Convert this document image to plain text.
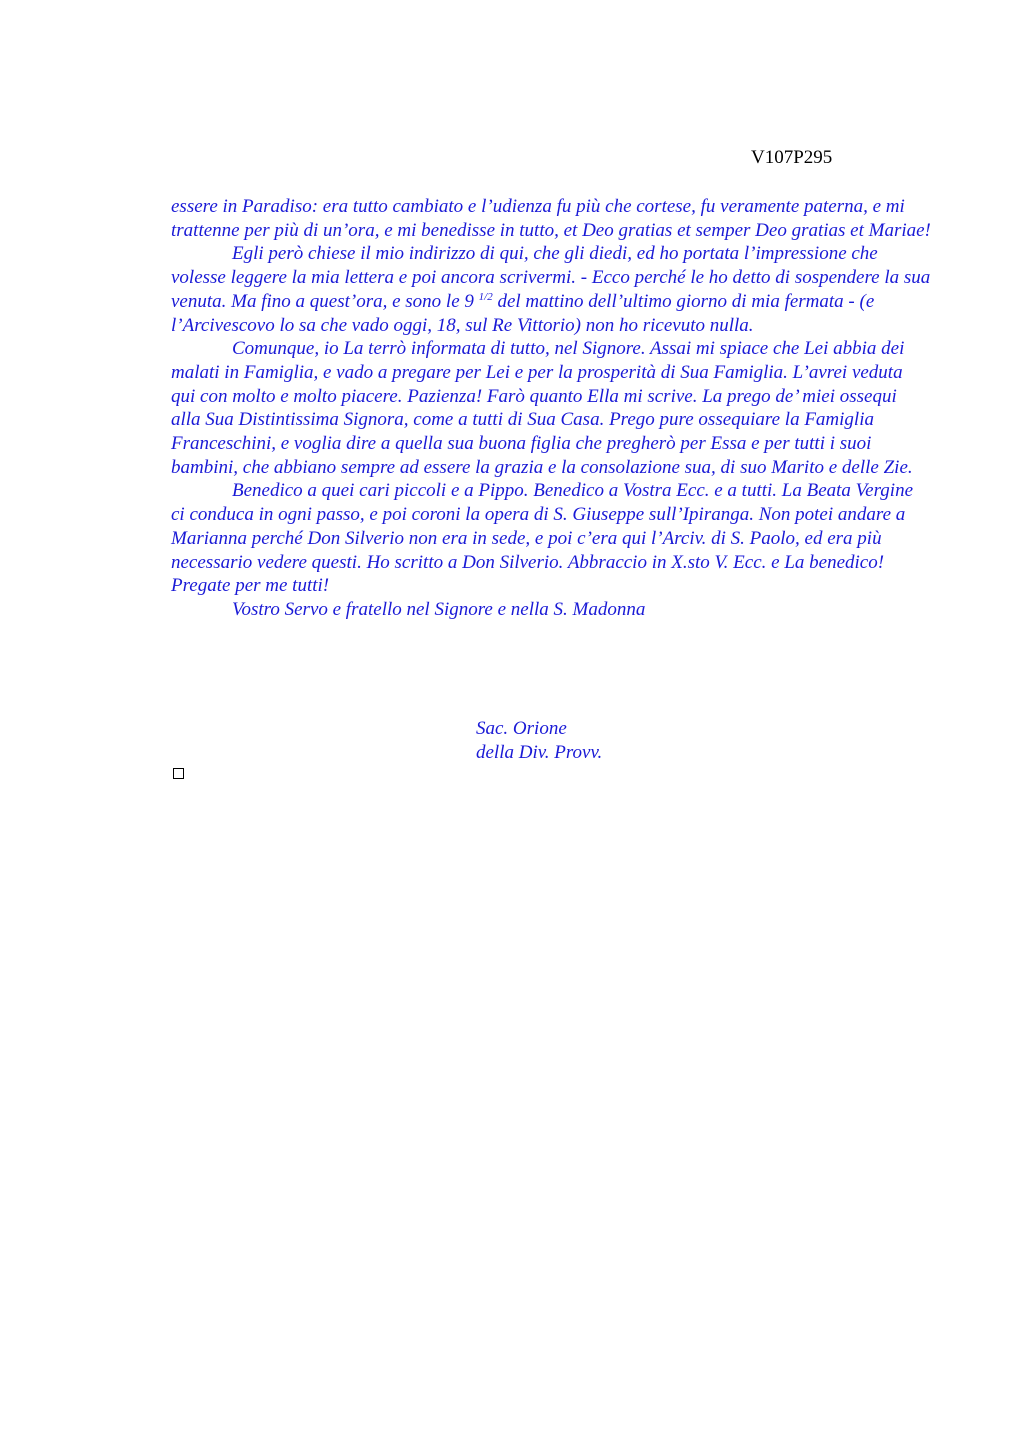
V107P295

essere in Paradiso: era tutto cambiato e l’udienza fu più che cortese, fu veramente paterna, e mi trattenne per più di un’ora, e mi benedisse in tutto, et Deo gratias et semper Deo gratias et Mariae!

Egli però chiese il mio indirizzo di qui, che gli diedi, ed ho portata l’impressione che volesse leggere la mia lettera e poi ancora scrivermi. - Ecco perché le ho detto di sospendere la sua venuta. Ma fino a quest’ora, e sono le 9 $^{1/2}$ del mattino dell’ultimo giorno di mia fermata - (e l’Arcivescovo lo sa che vado oggi, 18, sul Re Vittorio) non ho ricevuto nulla.

Comunque, io La terrò informata di tutto, nel Signore. Assai mi spiace che Lei abbia dei malati in Famiglia, e vado a pregare per Lei e per la prosperità di Sua Famiglia. L’avrei veduta qui con molto e molto piacere. Pazienza! Farò quanto Ella mi scrive. La prego de’ miei ossequi alla Sua Distintissima Signora, come a tutti di Sua Casa. Prego pure ossequiare la Famiglia Franceschini, e voglia dire a quella sua buona figlia che pregherò per Essa e per tutti i suoi bambini, che abbiano sempre ad essere la grazia e la consolazione sua, di suo Marito e delle Zie.

Benedico a quei cari piccoli e a Pippo. Benedico a Vostra Ecc. e a tutti. La Beata Vergine ci conduca in ogni passo, e poi coroni la opera di S. Giuseppe sull’Ipiranga. Non potei andare a Marianna perché Don Silverio non era in sede, e poi c’era qui l’Arciv. di S. Paolo, ed era più necessario vedere questi. Ho scritto a Don Silverio. Abbraccio in X.sto V. Ecc. e La benedico! Pregate per me tutti!

Vostro Servo e fratello nel Signore e nella S. Madonna

Sac. Orione
della Div. Provv.
